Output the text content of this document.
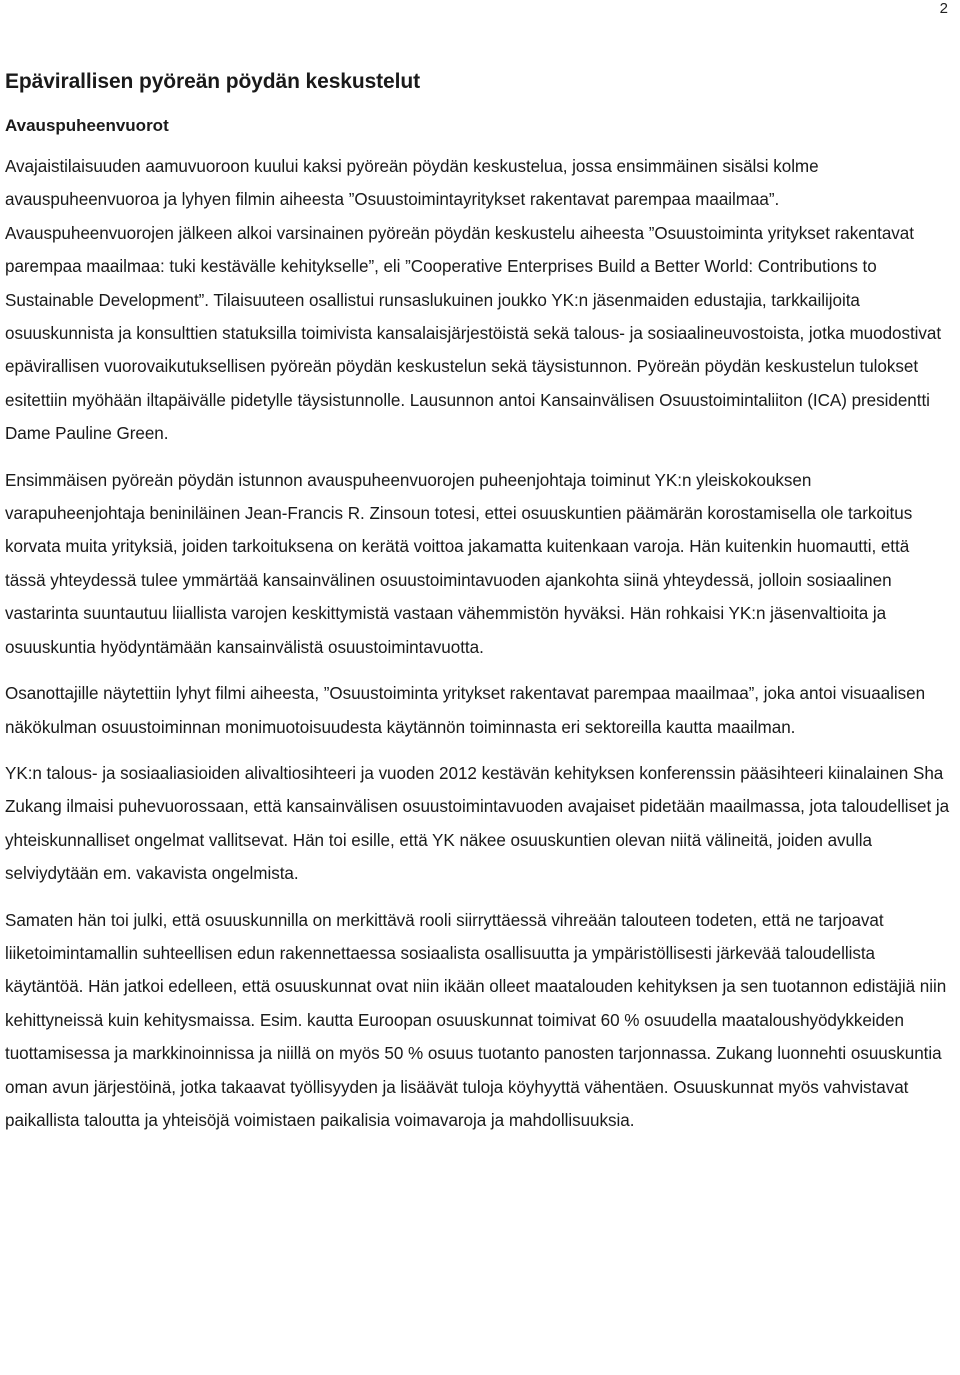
2
Epävirallisen pyöreän pöydän keskustelut
Avauspuheenvuorot

Avajaistilaisuuden aamuvuoroon kuului kaksi pyöreän pöydän keskustelua, jossa ensimmäinen sisälsi kolme avauspuheenvuoroa ja lyhyen filmin aiheesta ”Osuustoimintayritykset rakentavat parempaa maailmaa”. Avauspuheenvuorojen jälkeen alkoi varsinainen pyöreän pöydän keskustelu aiheesta ”Osuustoiminta yritykset rakentavat parempaa maailmaa: tuki kestävälle kehitykselle”, eli ”Cooperative Enterprises Build a Better World: Contributions to Sustainable Development”. Tilaisuuteen osallistui runsaslukuinen joukko YK:n jäsenmaiden edustajia, tarkkailijoita osuuskunnista ja konsulttien statuksilla toimivista kansalaisjärjestöistä sekä talous- ja sosiaalineuvostoista, jotka muodostivat epävirallisen vuorovaikutuksellisen pyöreän pöydän keskustelun sekä täysistunnon. Pyöreän pöydän keskustelun tulokset esitettiin myöhään iltapäivälle pidetylle täysistunnolle. Lausunnon antoi Kansainvälisen Osuustoimintaliiton (ICA) presidentti Dame Pauline Green.

Ensimmäisen pyöreän pöydän istunnon avauspuheenvuorojen puheenjohtaja toiminut YK:n yleiskokouksen varapuheenjohtaja beniniläinen Jean-Francis R. Zinsoun totesi, ettei osuuskuntien päämärän korostamisella ole tarkoitus korvata muita yrityksiä, joiden tarkoituksena on kerätä voittoa jakamatta kuitenkaan varoja. Hän kuitenkin huomautti, että tässä yhteydessä tulee ymmärtää kansainvälinen osuustoimintavuoden ajankohta siinä yhteydessä, jolloin sosiaalinen vastarinta suuntautuu liiallista varojen keskittymistä vastaan vähemmistön hyväksi. Hän rohkaisi YK:n jäsenvaltioita ja osuuskuntia hyödyntämään kansainvälistä osuustoimintavuotta.

Osanottajille näytettiin lyhyt filmi aiheesta, ”Osuustoiminta yritykset rakentavat parempaa maailmaa”, joka antoi visuaalisen näkökulman osuustoiminnan monimuotoisuudesta käytännön toiminnasta eri sektoreilla kautta maailman.

YK:n talous- ja sosiaaliasioiden alivaltiosihteeri ja vuoden 2012 kestävän kehityksen konferenssin pääsihteeri kiinalainen Sha Zukang ilmaisi puhevuorossaan, että kansainvälisen osuustoimintavuoden avajaiset pidetään maailmassa, jota taloudelliset ja yhteiskunnalliset ongelmat vallitsevat. Hän toi esille, että YK näkee osuuskuntien olevan niitä välineitä, joiden avulla selviydytään em. vakavista ongelmista.

Samaten hän toi julki, että osuuskunnilla on merkittävä rooli siirryttäessä vihreään talouteen todeten, että ne tarjoavat liiketoimintamallin suhteellisen edun rakennettaessa sosiaalista osallisuutta ja ympäristöllisesti järkevää taloudellista käytäntöä. Hän jatkoi edelleen, että osuuskunnat ovat niin ikään olleet maatalouden kehityksen ja sen tuotannon edistäjiä niin kehittyneissä kuin kehitysmaissa. Esim. kautta Euroopan osuuskunnat toimivat 60 % osuudella maataloushyödykkeiden tuottamisessa ja markkinoinnissa ja niillä on myös 50 % osuus tuotanto panosten tarjonnassa. Zukang luonnehti osuuskuntia oman avun järjestöinä, jotka takaavat työllisyyden ja lisäävät tuloja köyhyyttä vähentäen. Osuuskunnat myös vahvistavat paikallista taloutta ja yhteisöjä voimistaen paikalisia voimavaroja ja mahdollisuuksia.
